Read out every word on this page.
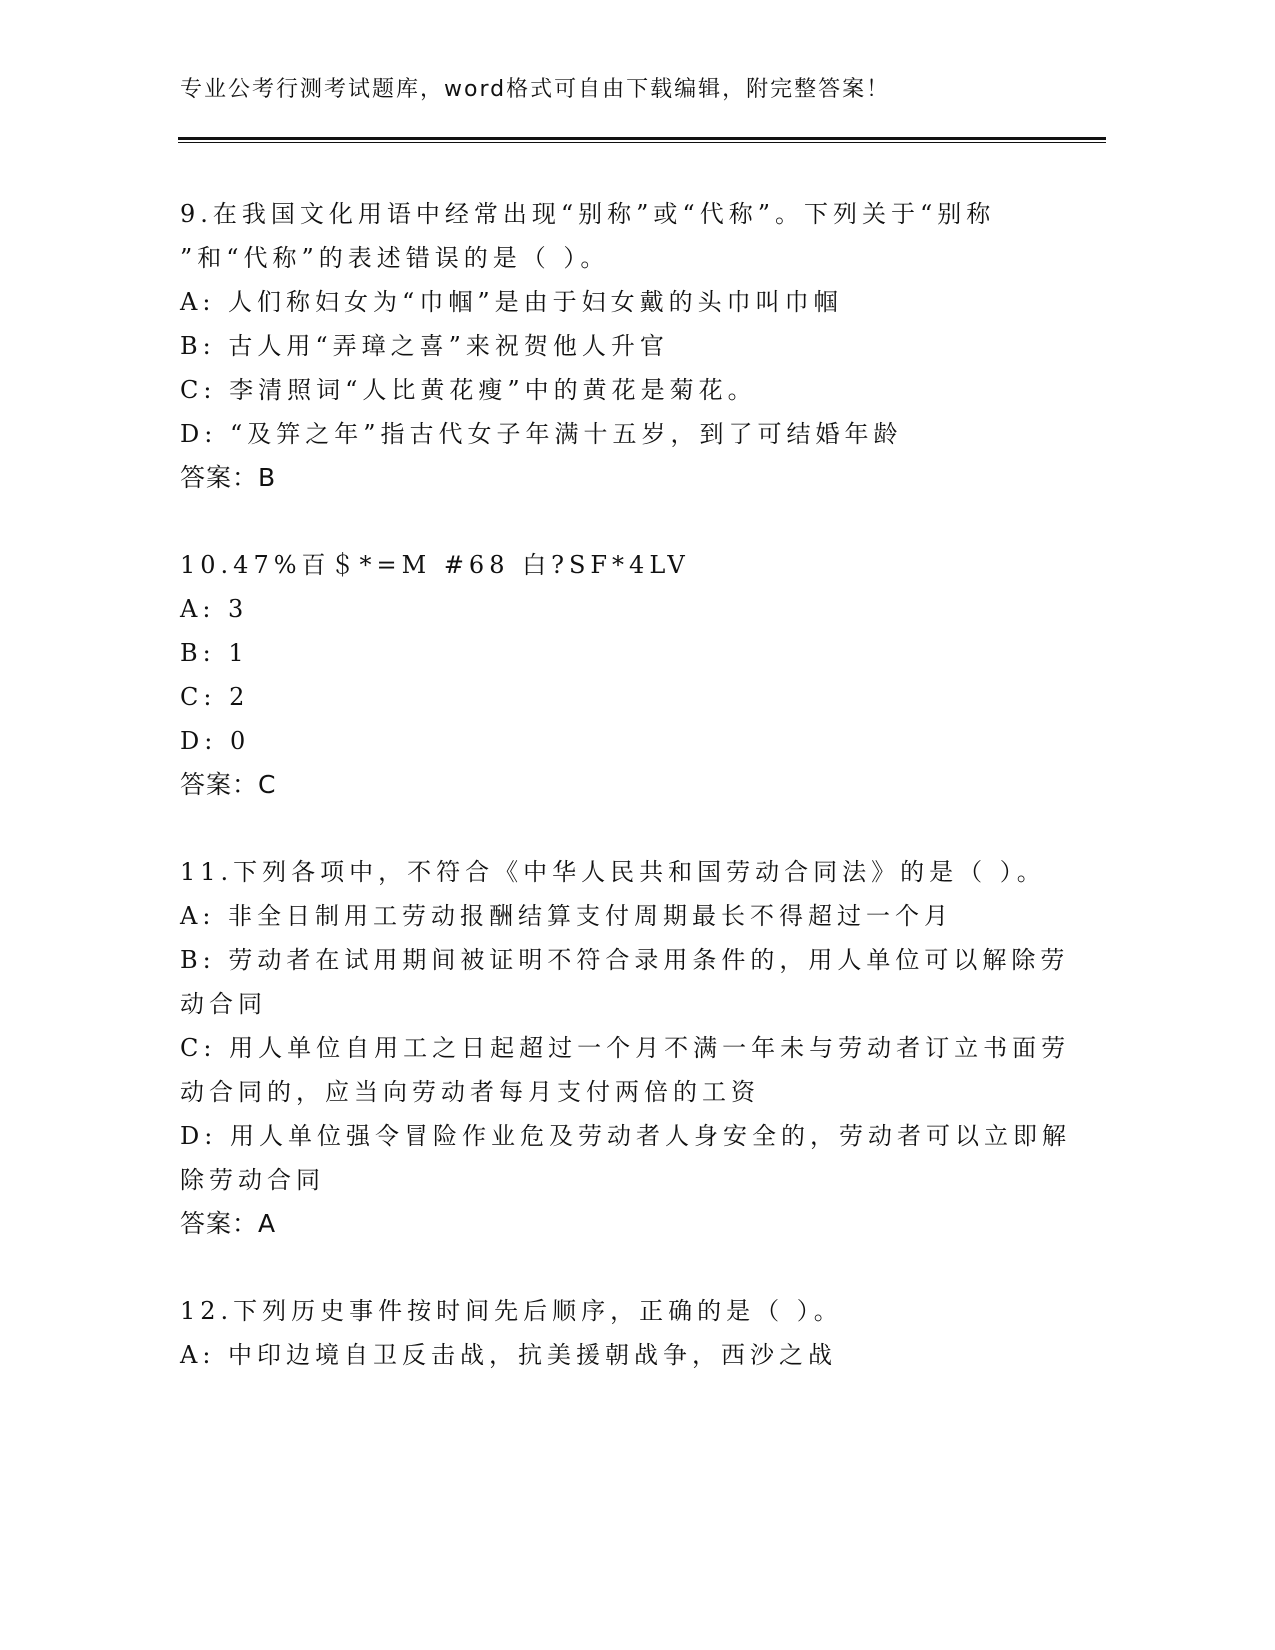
专业公考行测考试题库，word格式可自由下载编辑，附完整答案！
9.在我国文化用语中经常出现“别称”或“代称”。下列关于“别称
”和“代称”的表述错误的是（ ）。
A: 人们称妇女为“巾帼”是由于妇女戴的头巾叫巾帼
B: 古人用“弄璋之喜”来祝贺他人升官
C: 李清照词“人比黄花瘦”中的黄花是菊花。
D: “及笄之年”指古代女子年满十五岁，到了可结婚年龄
答案：B
10.47%百＄*=M #68 白?SF*4LV
A: 3
B: 1
C: 2
D: 0
答案：C
11.下列各项中，不符合《中华人民共和国劳动合同法》的是（ ）。
A: 非全日制用工劳动报酬结算支付周期最长不得超过一个月
B: 劳动者在试用期间被证明不符合录用条件的，用人单位可以解除劳
动合同
C: 用人单位自用工之日起超过一个月不满一年未与劳动者订立书面劳
动合同的，应当向劳动者每月支付两倍的工资
D: 用人单位强令冒险作业危及劳动者人身安全的，劳动者可以立即解
除劳动合同
答案：A
12.下列历史事件按时间先后顺序，正确的是（ ）。
A: 中印边境自卫反击战，抗美援朝战争，西沙之战
